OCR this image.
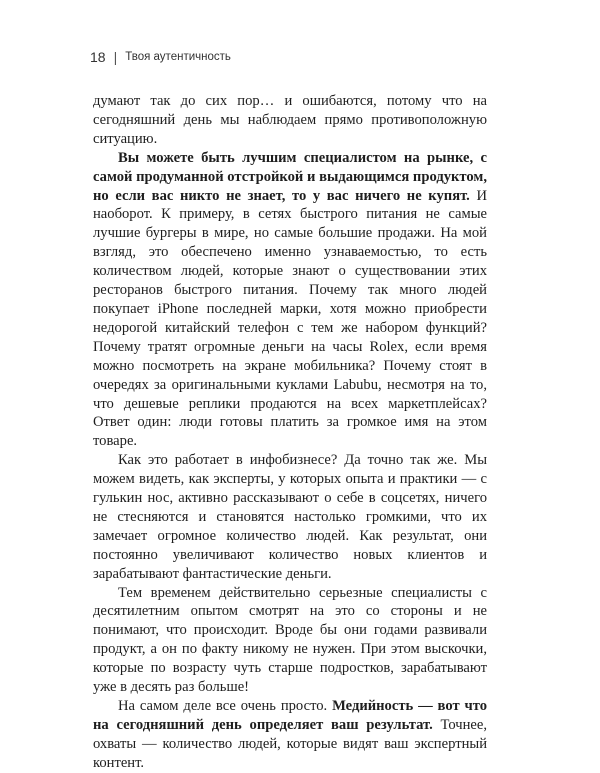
18 | Твоя аутентичность

думают так до сих пор… и ошибаются, потому что на сегодняшний день мы наблюдаем прямо противоположную ситуацию.

Вы можете быть лучшим специалистом на рынке, с самой продуманной отстройкой и выдающимся продуктом, но если вас никто не знает, то у вас ничего не купят. И наоборот. К примеру, в сетях быстрого питания не самые лучшие бургеры в мире, но самые большие продажи. На мой взгляд, это обеспечено именно узнаваемостью, то есть количеством людей, которые знают о существовании этих ресторанов быстрого питания. Почему так много людей покупает iPhone последней марки, хотя можно приобрести недорогой китайский телефон с тем же набором функций? Почему тратят огромные деньги на часы Rolex, если время можно посмотреть на экране мобильника? Почему стоят в очередях за оригинальными куклами Labubu, несмотря на то, что дешевые реплики продаются на всех маркетплейсах? Ответ один: люди готовы платить за громкое имя на этом товаре.

Как это работает в инфобизнесе? Да точно так же. Мы можем видеть, как эксперты, у которых опыта и практики — с гулькин нос, активно рассказывают о себе в соцсетях, ничего не стесняются и становятся настолько громкими, что их замечает огромное количество людей. Как результат, они постоянно увеличивают количество новых клиентов и зарабатывают фантастические деньги.

Тем временем действительно серьезные специалисты с десятилетним опытом смотрят на это со стороны и не понимают, что происходит. Вроде бы они годами развивали продукт, а он по факту никому не нужен. При этом выскочки, которые по возрасту чуть старше подростков, зарабатывают уже в десять раз больше!

На самом деле все очень просто. Медийность — вот что на сегодняшний день определяет ваш результат. Точнее, охваты — количество людей, которые видят ваш экспертный контент.
